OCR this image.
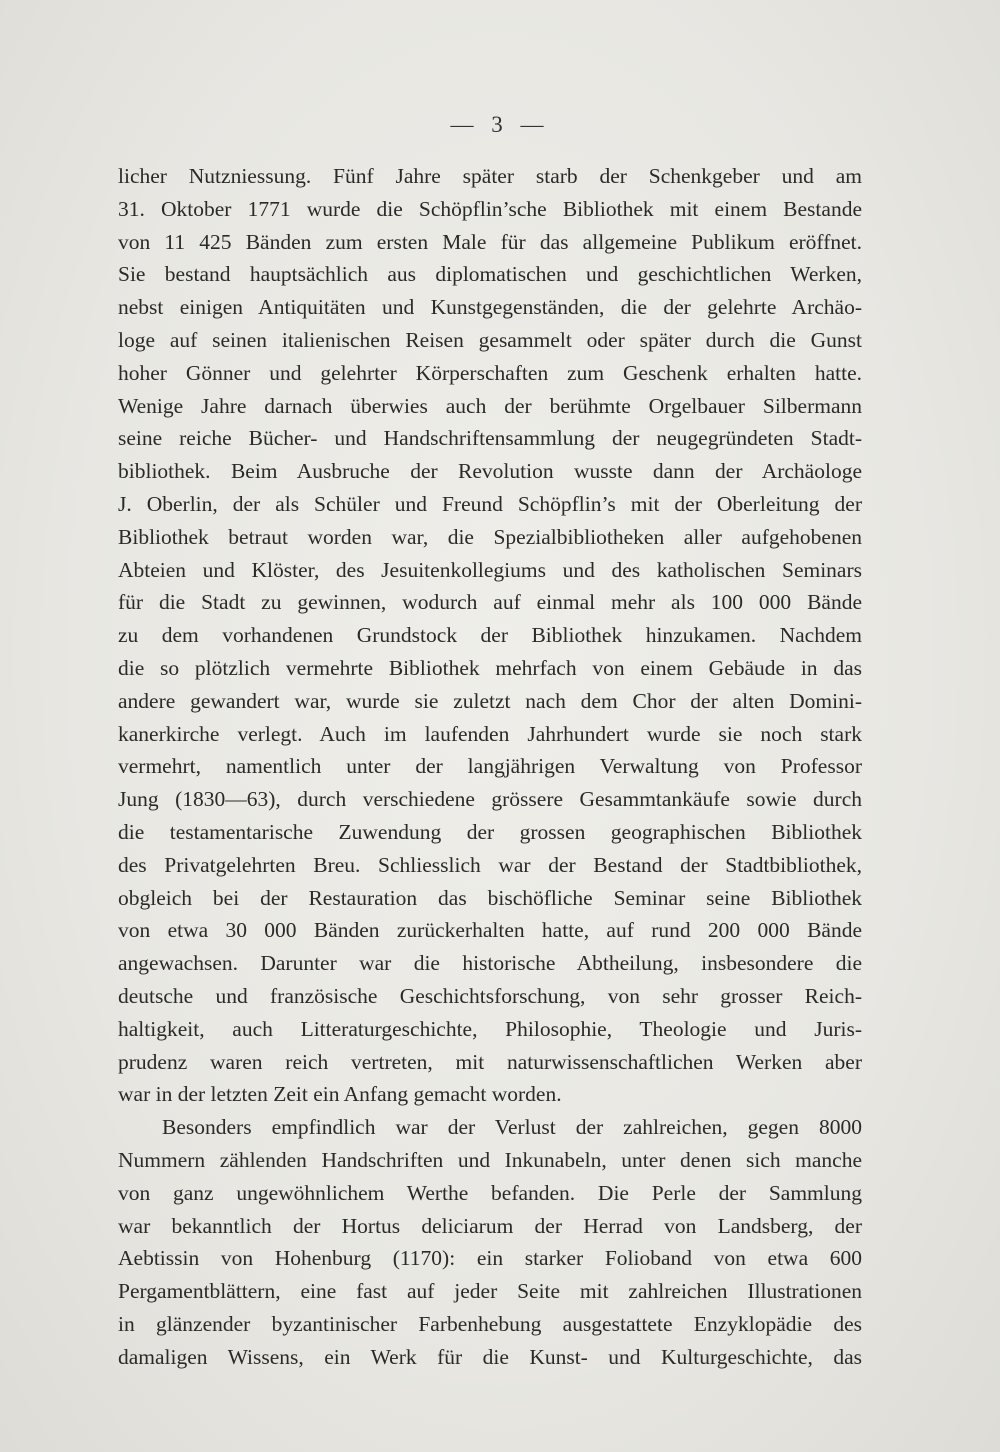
— 3 —
licher Nutzniessung. Fünf Jahre später starb der Schenkgeber und am
31. Oktober 1771 wurde die Schöpflin’sche Bibliothek mit einem Bestande
von 11 425 Bänden zum ersten Male für das allgemeine Publikum eröffnet.
Sie bestand hauptsächlich aus diplomatischen und geschichtlichen Werken,
nebst einigen Antiquitäten und Kunstgegenständen, die der gelehrte Archäo-
loge auf seinen italienischen Reisen gesammelt oder später durch die Gunst
hoher Gönner und gelehrter Körperschaften zum Geschenk erhalten hatte.
Wenige Jahre darnach überwies auch der berühmte Orgelbauer Silbermann
seine reiche Bücher- und Handschriftensammlung der neugegründeten Stadt-
bibliothek. Beim Ausbruche der Revolution wusste dann der Archäologe
J. Oberlin, der als Schüler und Freund Schöpflin’s mit der Oberleitung der
Bibliothek betraut worden war, die Spezialbibliotheken aller aufgehobenen
Abteien und Klöster, des Jesuitenkollegiums und des katholischen Seminars
für die Stadt zu gewinnen, wodurch auf einmal mehr als 100 000 Bände
zu dem vorhandenen Grundstock der Bibliothek hinzukamen. Nachdem
die so plötzlich vermehrte Bibliothek mehrfach von einem Gebäude in das
andere gewandert war, wurde sie zuletzt nach dem Chor der alten Domini-
kanerkirche verlegt. Auch im laufenden Jahrhundert wurde sie noch stark
vermehrt, namentlich unter der langjährigen Verwaltung von Professor
Jung (1830—63), durch verschiedene grössere Gesammtankäufe sowie durch
die testamentarische Zuwendung der grossen geographischen Bibliothek
des Privatgelehrten Breu. Schliesslich war der Bestand der Stadtbibliothek,
obgleich bei der Restauration das bischöfliche Seminar seine Bibliothek
von etwa 30 000 Bänden zurückerhalten hatte, auf rund 200 000 Bände
angewachsen. Darunter war die historische Abtheilung, insbesondere die
deutsche und französische Geschichtsforschung, von sehr grosser Reich-
haltigkeit, auch Litteraturgeschichte, Philosophie, Theologie und Juris-
prudenz waren reich vertreten, mit naturwissenschaftlichen Werken aber
war in der letzten Zeit ein Anfang gemacht worden.
Besonders empfindlich war der Verlust der zahlreichen, gegen 8000
Nummern zählenden Handschriften und Inkunabeln, unter denen sich manche
von ganz ungewöhnlichem Werthe befanden. Die Perle der Sammlung
war bekanntlich der Hortus deliciarum der Herrad von Landsberg, der
Aebtissin von Hohenburg (1170): ein starker Folioband von etwa 600
Pergamentblättern, eine fast auf jeder Seite mit zahlreichen Illustrationen
in glänzender byzantinischer Farbenhebung ausgestattete Enzyklopädie des
damaligen Wissens, ein Werk für die Kunst- und Kulturgeschichte, das
